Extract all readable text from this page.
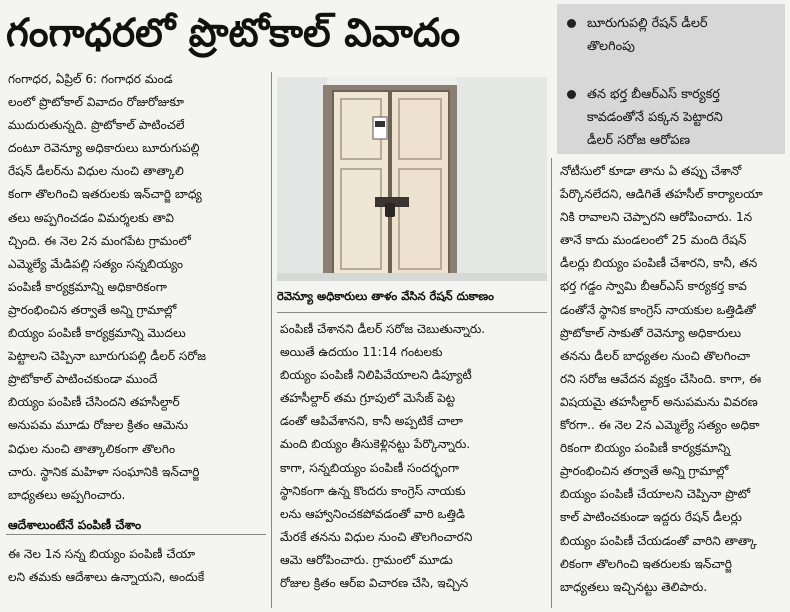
గంగాధరలో ప్రొటోకాల్ వివాదం	బూరుగుపల్లి రేషన్ డీలర్
తొలగింపు
తన భర్త బీఆర్ఎస్ కార్యకర్త
కావడంతోనే పక్కన పెట్టారని
డీలర్ సరోజ ఆరోపణ
రెవెన్యూ అధికారులు తాళం వేసిన రేషన్ దుకాణం
గంగాధర, ఏప్రిల్ 6: గంగాధర మండ
లంలో ప్రొటోకాల్ వివాదం రోజురోజుకూ
ముదురుతున్నది. ప్రొటోకాల్ పాటించలే
దంటూ రెవెన్యూ అధికారులు బూరుగుపల్లి
రేషన్ డీలర్‌ను విధుల నుంచి తాత్కాలి
కంగా తొలగించి ఇతరులకు ఇన్‌చార్జి బాధ్య
తలు అప్పగించడం విమర్శలకు తావి
చ్చింది. ఈ నెల 2న మంగపేట గ్రామంలో
ఎమ్మెల్యే మేడిపల్లి సత్యం సన్నబియ్యం
పంపిణీ కార్యక్రమాన్ని అధికారికంగా
ప్రారంభించిన తర్వాతే అన్ని గ్రామాల్లో
బియ్యం పంపిణీ కార్యక్రమాన్ని మొదలు
పెట్టాలని చెప్పినా బూరుగుపల్లి డీలర్ సరోజ
ప్రొటోకాల్ పాటించకుండా ముందే
బియ్యం పంపిణీ చేసిందని తహసీల్దార్
అనుపమ మూడు రోజుల క్రితం ఆమెను
విధుల నుంచి తాత్కాలికంగా తొలగిం
చారు. స్థానిక మహిళా సంఘానికి ఇన్‌చార్జి
బాధ్యతలు అప్పగించారు.
ఆదేశాలుంటేనే పంపిణీ చేశాం
ఈ నెల 1న సన్న బియ్యం పంపిణీ చేయా
లని తమకు ఆదేశాలు ఉన్నాయని, అందుకే
పంపిణీ చేశానని డీలర్ సరోజ చెబుతున్నారు.
అయితే ఉదయం 11:14 గంటలకు
బియ్యం పంపిణీ నిలిపివేయాలని డిప్యూటీ
తహసీల్దార్ తమ గ్రూపులో మెసేజ్ పెట్ట
డంతో ఆపివేశానని, కానీ అప్పటికే చాలా
మంది బియ్యం తీసుకెళ్లినట్టు పేర్కొన్నారు.
కాగా, సన్నబియ్యం పంపిణీ సందర్భంగా
స్థానికంగా ఉన్న కొందరు కాంగ్రెస్ నాయకు
లను ఆహ్వానించకపోవడంతో వారి ఒత్తిడి
మేరకే తనను విధుల నుంచి తొలగించారని
ఆమె ఆరోపించారు. గ్రామంలో మూడు
రోజుల క్రితం ఆర్‌ఐ విచారణ చేసి, ఇచ్చిన
నోటీసులో కూడా తాను ఏ తప్పు చేశానో
పేర్కొనలేదని, ఆడిగితే తహసీల్ కార్యాలయా
నికి రావాలని చెప్పారని ఆరోపించారు. 1న
తానే కాదు మండలంలో 25 మంది రేషన్
డీలర్లు బియ్యం పంపిణీ చేశారని, కానీ, తన
భర్త గడ్డం స్వామి బీఆర్ఎస్ కార్యకర్త కావ
డంతోనే స్థానిక కాంగ్రెస్ నాయకుల ఒత్తిడితో
ప్రొటోకాల్ సాకుతో రెవెన్యూ అధికారులు
తనను డీలర్ బాధ్యతల నుంచి తొలగించా
రని సరోజ ఆవేదన వ్యక్తం చేసింది. కాగా, ఈ
విషయమై తహసీల్దార్ అనుపమను వివరణ
కోరగా.. ఈ నెల 2న ఎమ్మెల్యే సత్యం అధికా
రికంగా బియ్యం పంపిణీ కార్యక్రమాన్ని
ప్రారంభించిన తర్వాతే అన్ని గ్రామాల్లో
బియ్యం పంపిణీ చేయాలని చెప్పినా ప్రొటో
కాల్ పాటించకుండా ఇద్దరు రేషన్ డీలర్లు
బియ్యం పంపిణీ చేయడంతో వారిని తాత్కా
లికంగా తొలగించి ఇతరులకు ఇన్‌చార్జి
బాధ్యతలు ఇచ్చినట్టు తెలిపారు.
